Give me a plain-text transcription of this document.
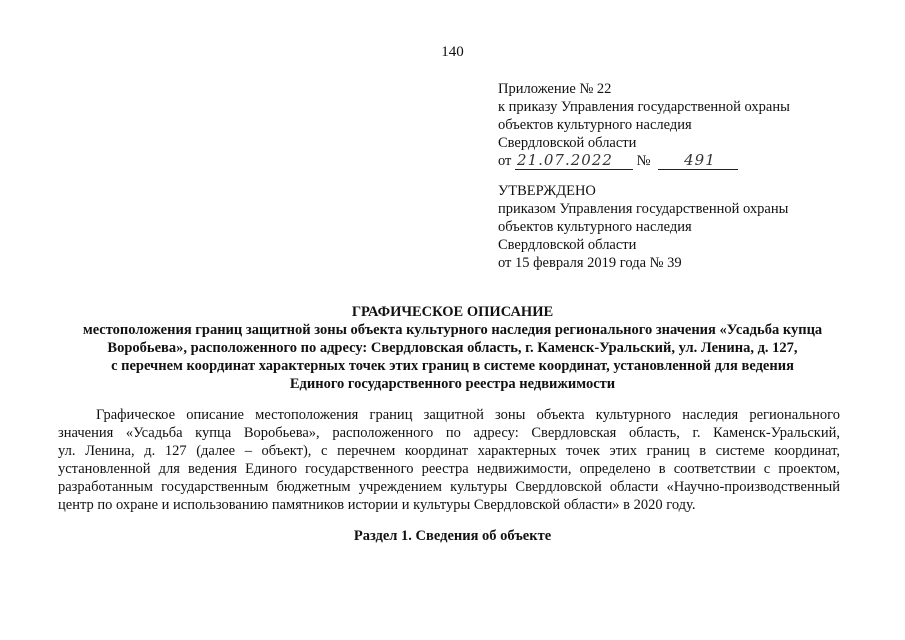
140
Приложение № 22
к приказу Управления государственной охраны
объектов культурного наследия
Свердловской области
от 21.07.2022 № 491
УТВЕРЖДЕНО
приказом Управления государственной охраны
объектов культурного наследия
Свердловской области
от 15 февраля 2019 года № 39
ГРАФИЧЕСКОЕ ОПИСАНИЕ
местоположения границ защитной зоны объекта культурного наследия регионального значения «Усадьба купца
Воробьева», расположенного по адресу: Свердловская область, г. Каменск-Уральский, ул. Ленина, д. 127,
с перечнем координат характерных точек этих границ в системе координат, установленной для ведения
Единого государственного реестра недвижимости
Графическое описание местоположения границ защитной зоны объекта культурного наследия регионального
значения «Усадьба купца Воробьева», расположенного по адресу: Свердловская область, г. Каменск-Уральский,
ул. Ленина, д. 127 (далее – объект), с перечнем координат характерных точек этих границ в системе координат,
установленной для ведения Единого государственного реестра недвижимости, определено в соответствии с проектом,
разработанным государственным бюджетным учреждением культуры Свердловской области «Научно-производственный
центр по охране и использованию памятников истории и культуры Свердловской области» в 2020 году.
Раздел 1. Сведения об объекте
